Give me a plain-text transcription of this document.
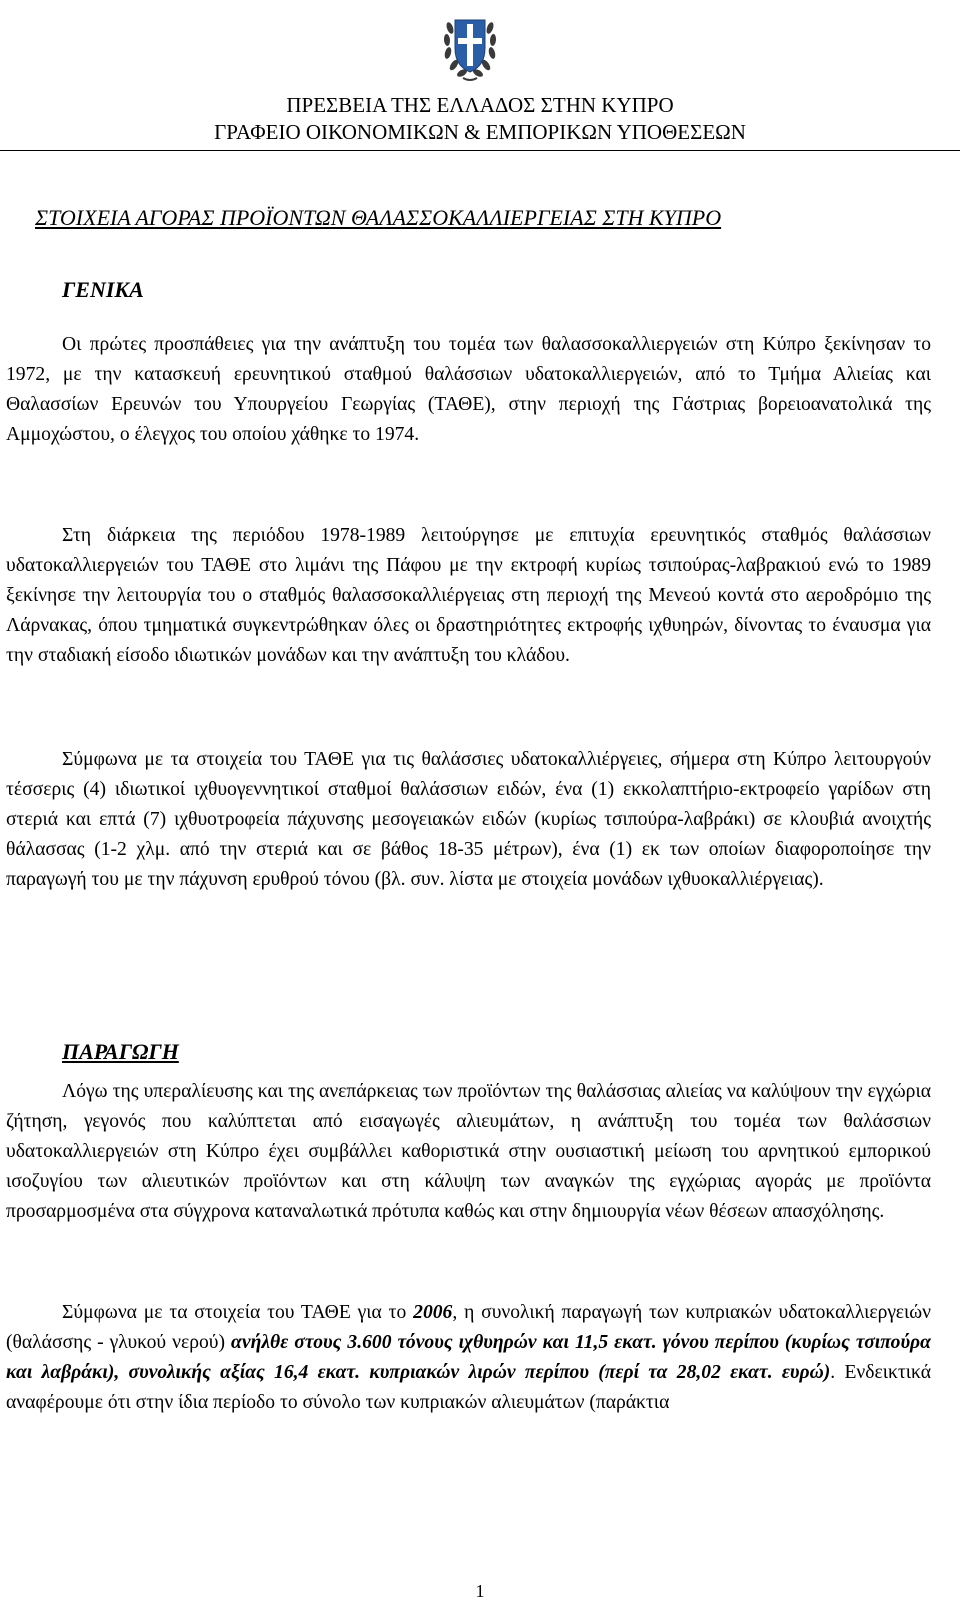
ΠΡΕΣΒΕΙΑ ΤΗΣ ΕΛΛΑΔΟΣ ΣΤΗΝ ΚΥΠΡΟ
ΓΡΑΦΕΙΟ ΟΙΚΟΝΟΜΙΚΩΝ & ΕΜΠΟΡΙΚΩΝ ΥΠΟΘΕΣΕΩΝ
ΣΤΟΙΧΕΙΑ ΑΓΟΡΑΣ ΠΡΟΪΟΝΤΩΝ ΘΑΛΑΣΣΟΚΑΛΛΙΕΡΓΕΙΑΣ ΣΤΗ ΚΥΠΡΟ
ΓΕΝΙΚΑ

Οι πρώτες προσπάθειες για την ανάπτυξη του τομέα των θαλασσοκαλλιεργειών στη Κύπρο ξεκίνησαν το 1972, με την κατασκευή ερευνητικού σταθμού θαλάσσιων υδατοκαλλιεργειών, από το Τμήμα Αλιείας και Θαλασσίων Ερευνών του Υπουργείου Γεωργίας (ΤΑΘΕ), στην περιοχή της Γάστριας βορειοανατολικά της Αμμοχώστου, ο έλεγχος του οποίου χάθηκε το 1974.

Στη διάρκεια της περιόδου 1978-1989 λειτούργησε με επιτυχία ερευνητικός σταθμός θαλάσσιων υδατοκαλλιεργειών του ΤΑΘΕ στο λιμάνι της Πάφου με την εκτροφή κυρίως τσιπούρας-λαβρακιού ενώ το 1989 ξεκίνησε την λειτουργία του ο σταθμός θαλασσοκαλλιέργειας στη περιοχή της Μενεού κοντά στο αεροδρόμιο της Λάρνακας, όπου τμηματικά συγκεντρώθηκαν όλες οι δραστηριότητες εκτροφής ιχθυηρών, δίνοντας το έναυσμα για την σταδιακή είσοδο ιδιωτικών μονάδων και την ανάπτυξη του κλάδου.

Σύμφωνα με τα στοιχεία του ΤΑΘΕ για τις θαλάσσιες υδατοκαλλιέργειες, σήμερα στη Κύπρο λειτουργούν τέσσερις (4) ιδιωτικοί ιχθυογεννητικοί σταθμοί θαλάσσιων ειδών, ένα (1) εκκολαπτήριο-εκτροφείο γαρίδων στη στεριά και επτά (7) ιχθυοτροφεία πάχυνσης μεσογειακών ειδών (κυρίως τσιπούρα-λαβράκι) σε κλουβιά ανοιχτής θάλασσας (1-2 χλμ. από την στεριά και σε βάθος 18-35 μέτρων), ένα (1) εκ των οποίων διαφοροποίησε την παραγωγή του με την πάχυνση ερυθρού τόνου (βλ. συν. λίστα με στοιχεία μονάδων ιχθυοκαλλιέργειας).

ΠΑΡΑΓΩΓΗ

Λόγω της υπεραλίευσης και της ανεπάρκειας των προϊόντων της θαλάσσιας αλιείας να καλύψουν την εγχώρια ζήτηση, γεγονός που καλύπτεται από εισαγωγές αλιευμάτων, η ανάπτυξη του τομέα των θαλάσσιων υδατοκαλλιεργειών στη Κύπρο έχει συμβάλλει καθοριστικά στην ουσιαστική μείωση του αρνητικού εμπορικού ισοζυγίου των αλιευτικών προϊόντων και στη κάλυψη των αναγκών της εγχώριας αγοράς με προϊόντα προσαρμοσμένα στα σύγχρονα καταναλωτικά πρότυπα καθώς και στην δημιουργία νέων θέσεων απασχόλησης.

Σύμφωνα με τα στοιχεία του ΤΑΘΕ για το 2006, η συνολική παραγωγή των κυπριακών υδατοκαλλιεργειών (θαλάσσης - γλυκού νερού) ανήλθε στους 3.600 τόνους ιχθυηρών και 11,5 εκατ. γόνου περίπου (κυρίως τσιπούρα και λαβράκι), συνολικής αξίας 16,4 εκατ. κυπριακών λιρών περίπου (περί τα 28,02 εκατ. ευρώ). Ενδεικτικά αναφέρουμε ότι στην ίδια περίοδο το σύνολο των κυπριακών αλιευμάτων (παράκτια

1
